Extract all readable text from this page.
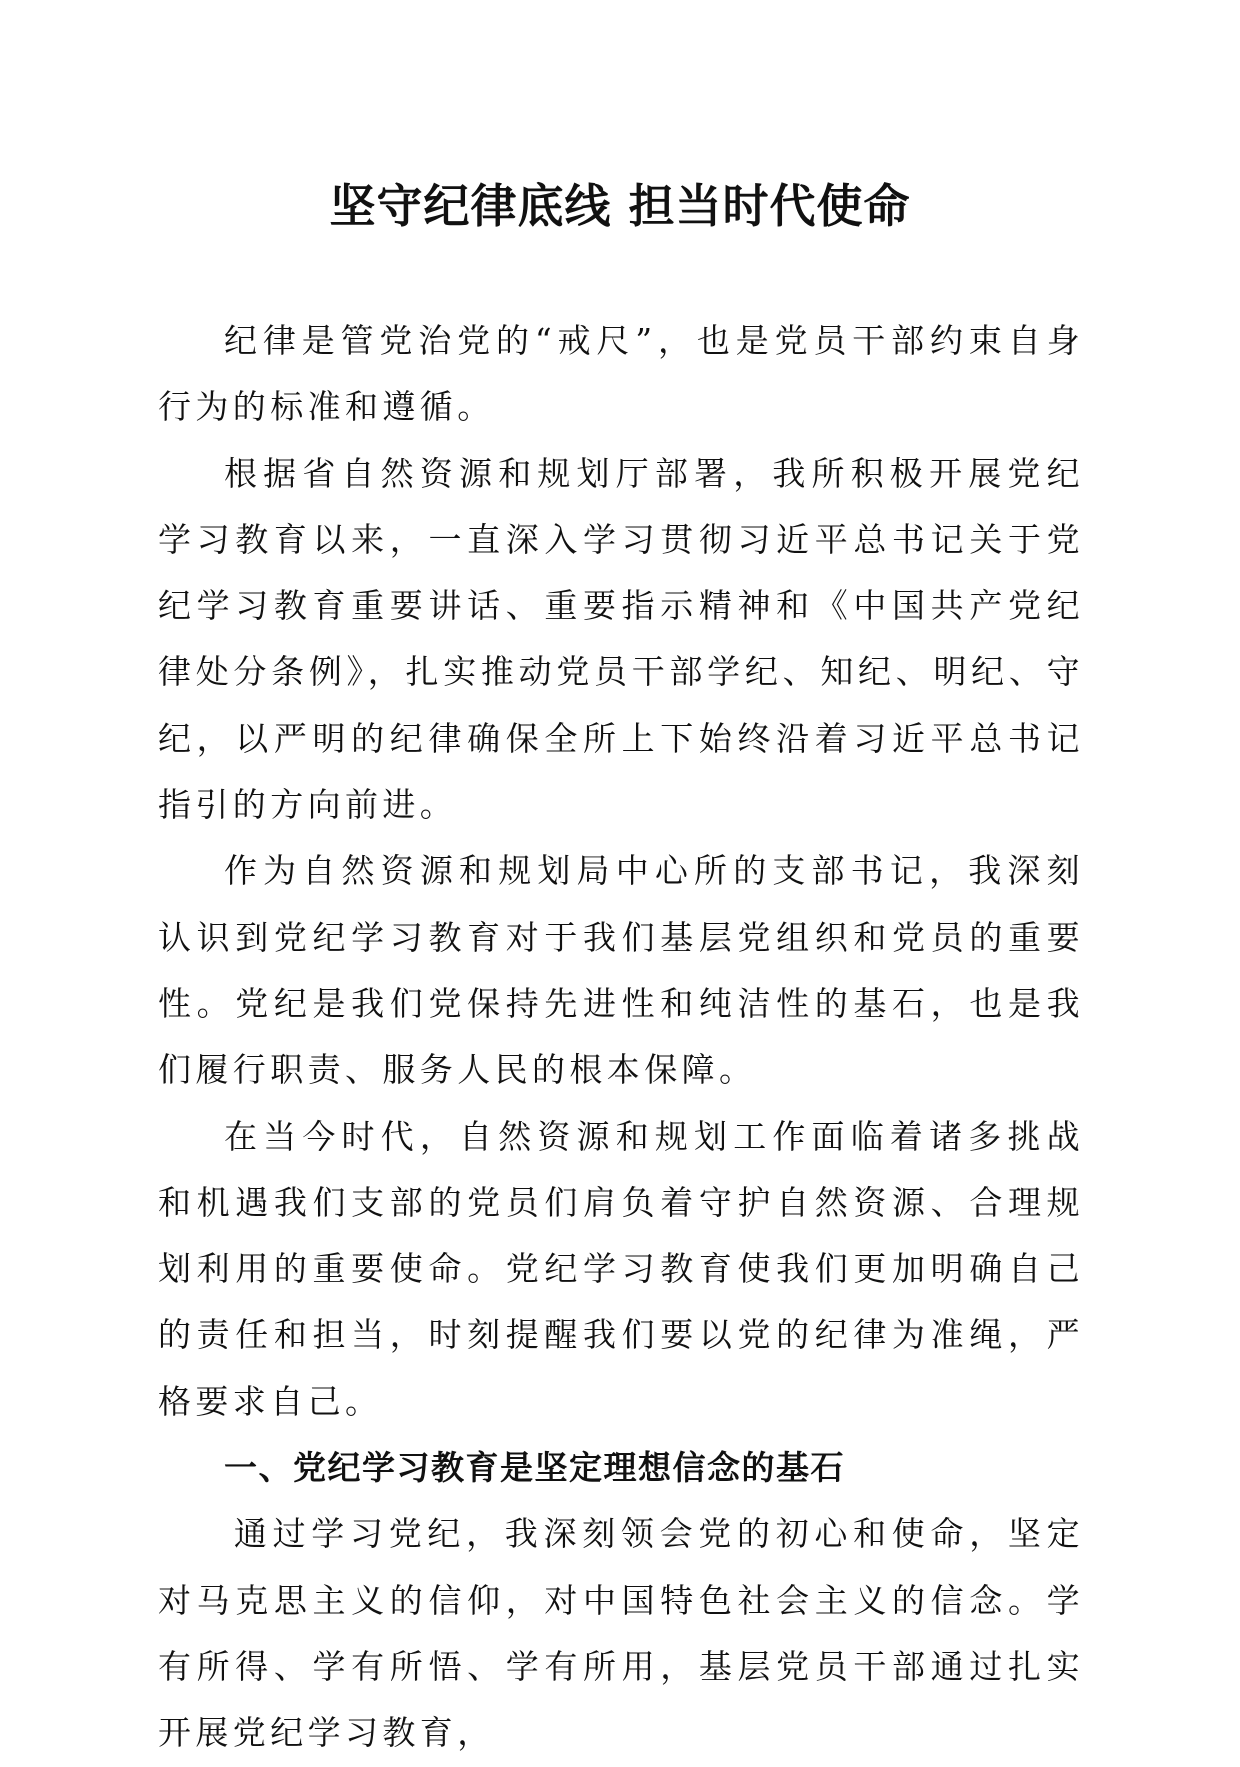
坚守纪律底线 担当时代使命

纪律是管党治党的“戒尺”，也是党员干部约束自身行为的标准和遵循。

根据省自然资源和规划厅部署，我所积极开展党纪学习教育以来，一直深入学习贯彻习近平总书记关于党纪学习教育重要讲话、重要指示精神和《中国共产党纪律处分条例》，扎实推动党员干部学纪、知纪、明纪、守纪，以严明的纪律确保全所上下始终沿着习近平总书记指引的方向前进。

作为自然资源和规划局中心所的支部书记，我深刻认识到党纪学习教育对于我们基层党组织和党员的重要性。党纪是我们党保持先进性和纯洁性的基石，也是我们履行职责、服务人民的根本保障。

在当今时代，自然资源和规划工作面临着诸多挑战和机遇我们支部的党员们肩负着守护自然资源、合理规划利用的重要使命。党纪学习教育使我们更加明确自己的责任和担当，时刻提醒我们要以党的纪律为准绳，严格要求自己。

一、党纪学习教育是坚定理想信念的基石

通过学习党纪，我深刻领会党的初心和使命，坚定对马克思主义的信仰，对中国特色社会主义的信念。学有所得、学有所悟、学有所用，基层党员干部通过扎实开展党纪学习教育，
